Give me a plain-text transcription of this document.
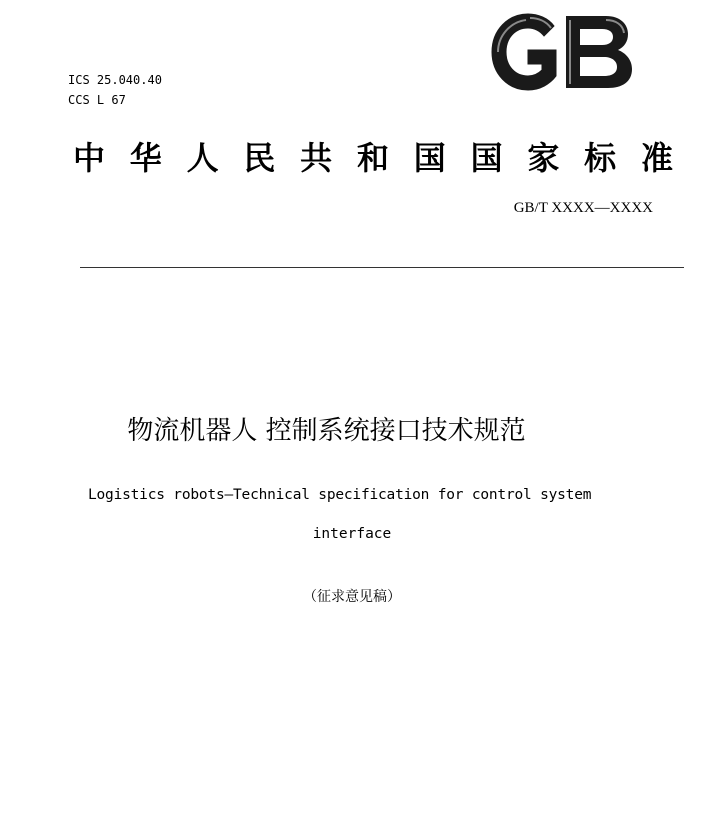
ICS 25.040.40
CCS L 67
中 华 人 民 共 和 国 国 家 标 准
GB/T XXXX—XXXX
物流机器人 控制系统接口技术规范
Logistics robots—Technical specification for control system
interface
（征求意见稿）
